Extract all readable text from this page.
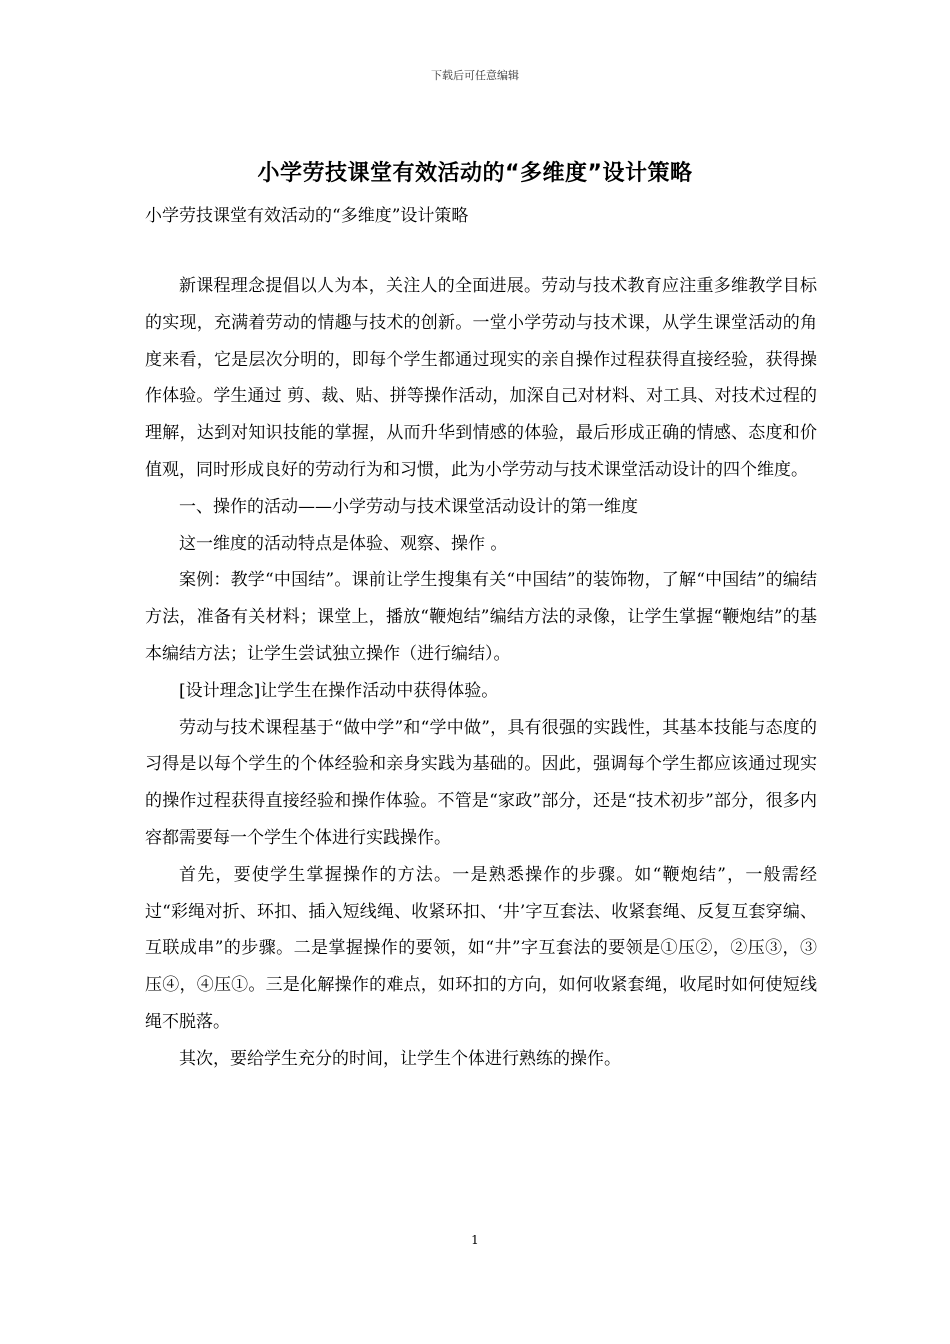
下载后可任意编辑
小学劳技课堂有效活动的“多维度”设计策略
小学劳技课堂有效活动的“多维度”设计策略

新课程理念提倡以人为本，关注人的全面进展。劳动与技术教育应注重多维教学目标的实现，充满着劳动的情趣与技术的创新。一堂小学劳动与技术课，从学生课堂活动的角度来看，它是层次分明的，即每个学生都通过现实的亲自操作过程获得直接经验，获得操作体验。学生通过 剪、裁、贴、拼等操作活动，加深自己对材料、对工具、对技术过程的理解，达到对知识技能的掌握，从而升华到情感的体验，最后形成正确的情感、态度和价值观，同时形成良好的劳动行为和习惯，此为小学劳动与技术课堂活动设计的四个维度。

一、操作的活动——小学劳动与技术课堂活动设计的第一维度

这一维度的活动特点是体验、观察、操作 。

案例：教学“中国结”。课前让学生搜集有关“中国结”的装饰物，了解“中国结”的编结方法，准备有关材料；课堂上，播放“鞭炮结”编结方法的录像，让学生掌握“鞭炮结”的基本编结方法；让学生尝试独立操作（进行编结）。

[设计理念]让学生在操作活动中获得体验。

劳动与技术课程基于“做中学”和“学中做”，具有很强的实践性，其基本技能与态度的习得是以每个学生的个体经验和亲身实践为基础的。因此，强调每个学生都应该通过现实的操作过程获得直接经验和操作体验。不管是“家政”部分，还是“技术初步”部分，很多内容都需要每一个学生个体进行实践操作。

首先，要使学生掌握操作的方法。一是熟悉操作的步骤。如“鞭炮结”，一般需经过“彩绳对折、环扣、插入短线绳、收紧环扣、‘井’字互套法、收紧套绳、反复互套穿编、互联成串”的步骤。二是掌握操作的要领，如“井”字互套法的要领是①压②，②压③，③压④，④压①。三是化解操作的难点，如环扣的方向，如何收紧套绳，收尾时如何使短线绳不脱落。

其次，要给学生充分的时间，让学生个体进行熟练的操作。

1
